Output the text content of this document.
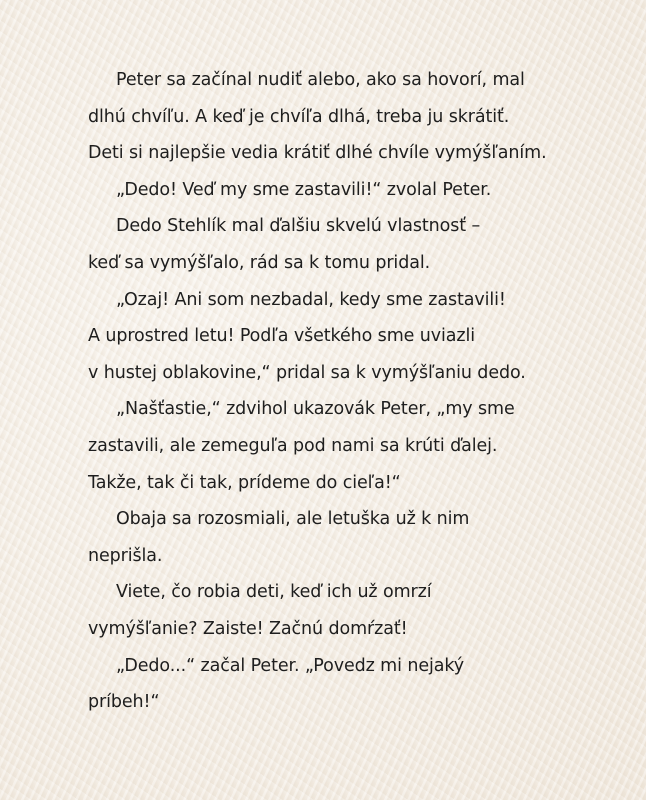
Peter sa začínal nudiť alebo, ako sa hovorí, mal
dlhú chvíľu. A keď je chvíľa dlhá, treba ju skrátiť.
Deti si najlepšie vedia krátiť dlhé chvíle vymýšľaním.
„Dedo! Veď my sme zastavili!“ zvolal Peter.
Dedo Stehlík mal ďalšiu skvelú vlastnosť –
keď sa vymýšľalo, rád sa k tomu pridal.
„Ozaj! Ani som nezbadal, kedy sme zastavili!
A uprostred letu! Podľa všetkého sme uviazli
v hustej oblakovine,“ pridal sa k vymýšľaniu dedo.
„Našťastie,“ zdvihol ukazovák Peter, „my sme
zastavili, ale zemeguľa pod nami sa krúti ďalej.
Takže, tak či tak, prídeme do cieľa!“
Obaja sa rozosmiali, ale letuška už k nim
neprišla.
Viete, čo robia deti, keď ich už omrzí
vymýšľanie? Zaiste! Začnú domŕzať!
„Dedo...“ začal Peter. „Povedz mi nejaký
príbeh!“
